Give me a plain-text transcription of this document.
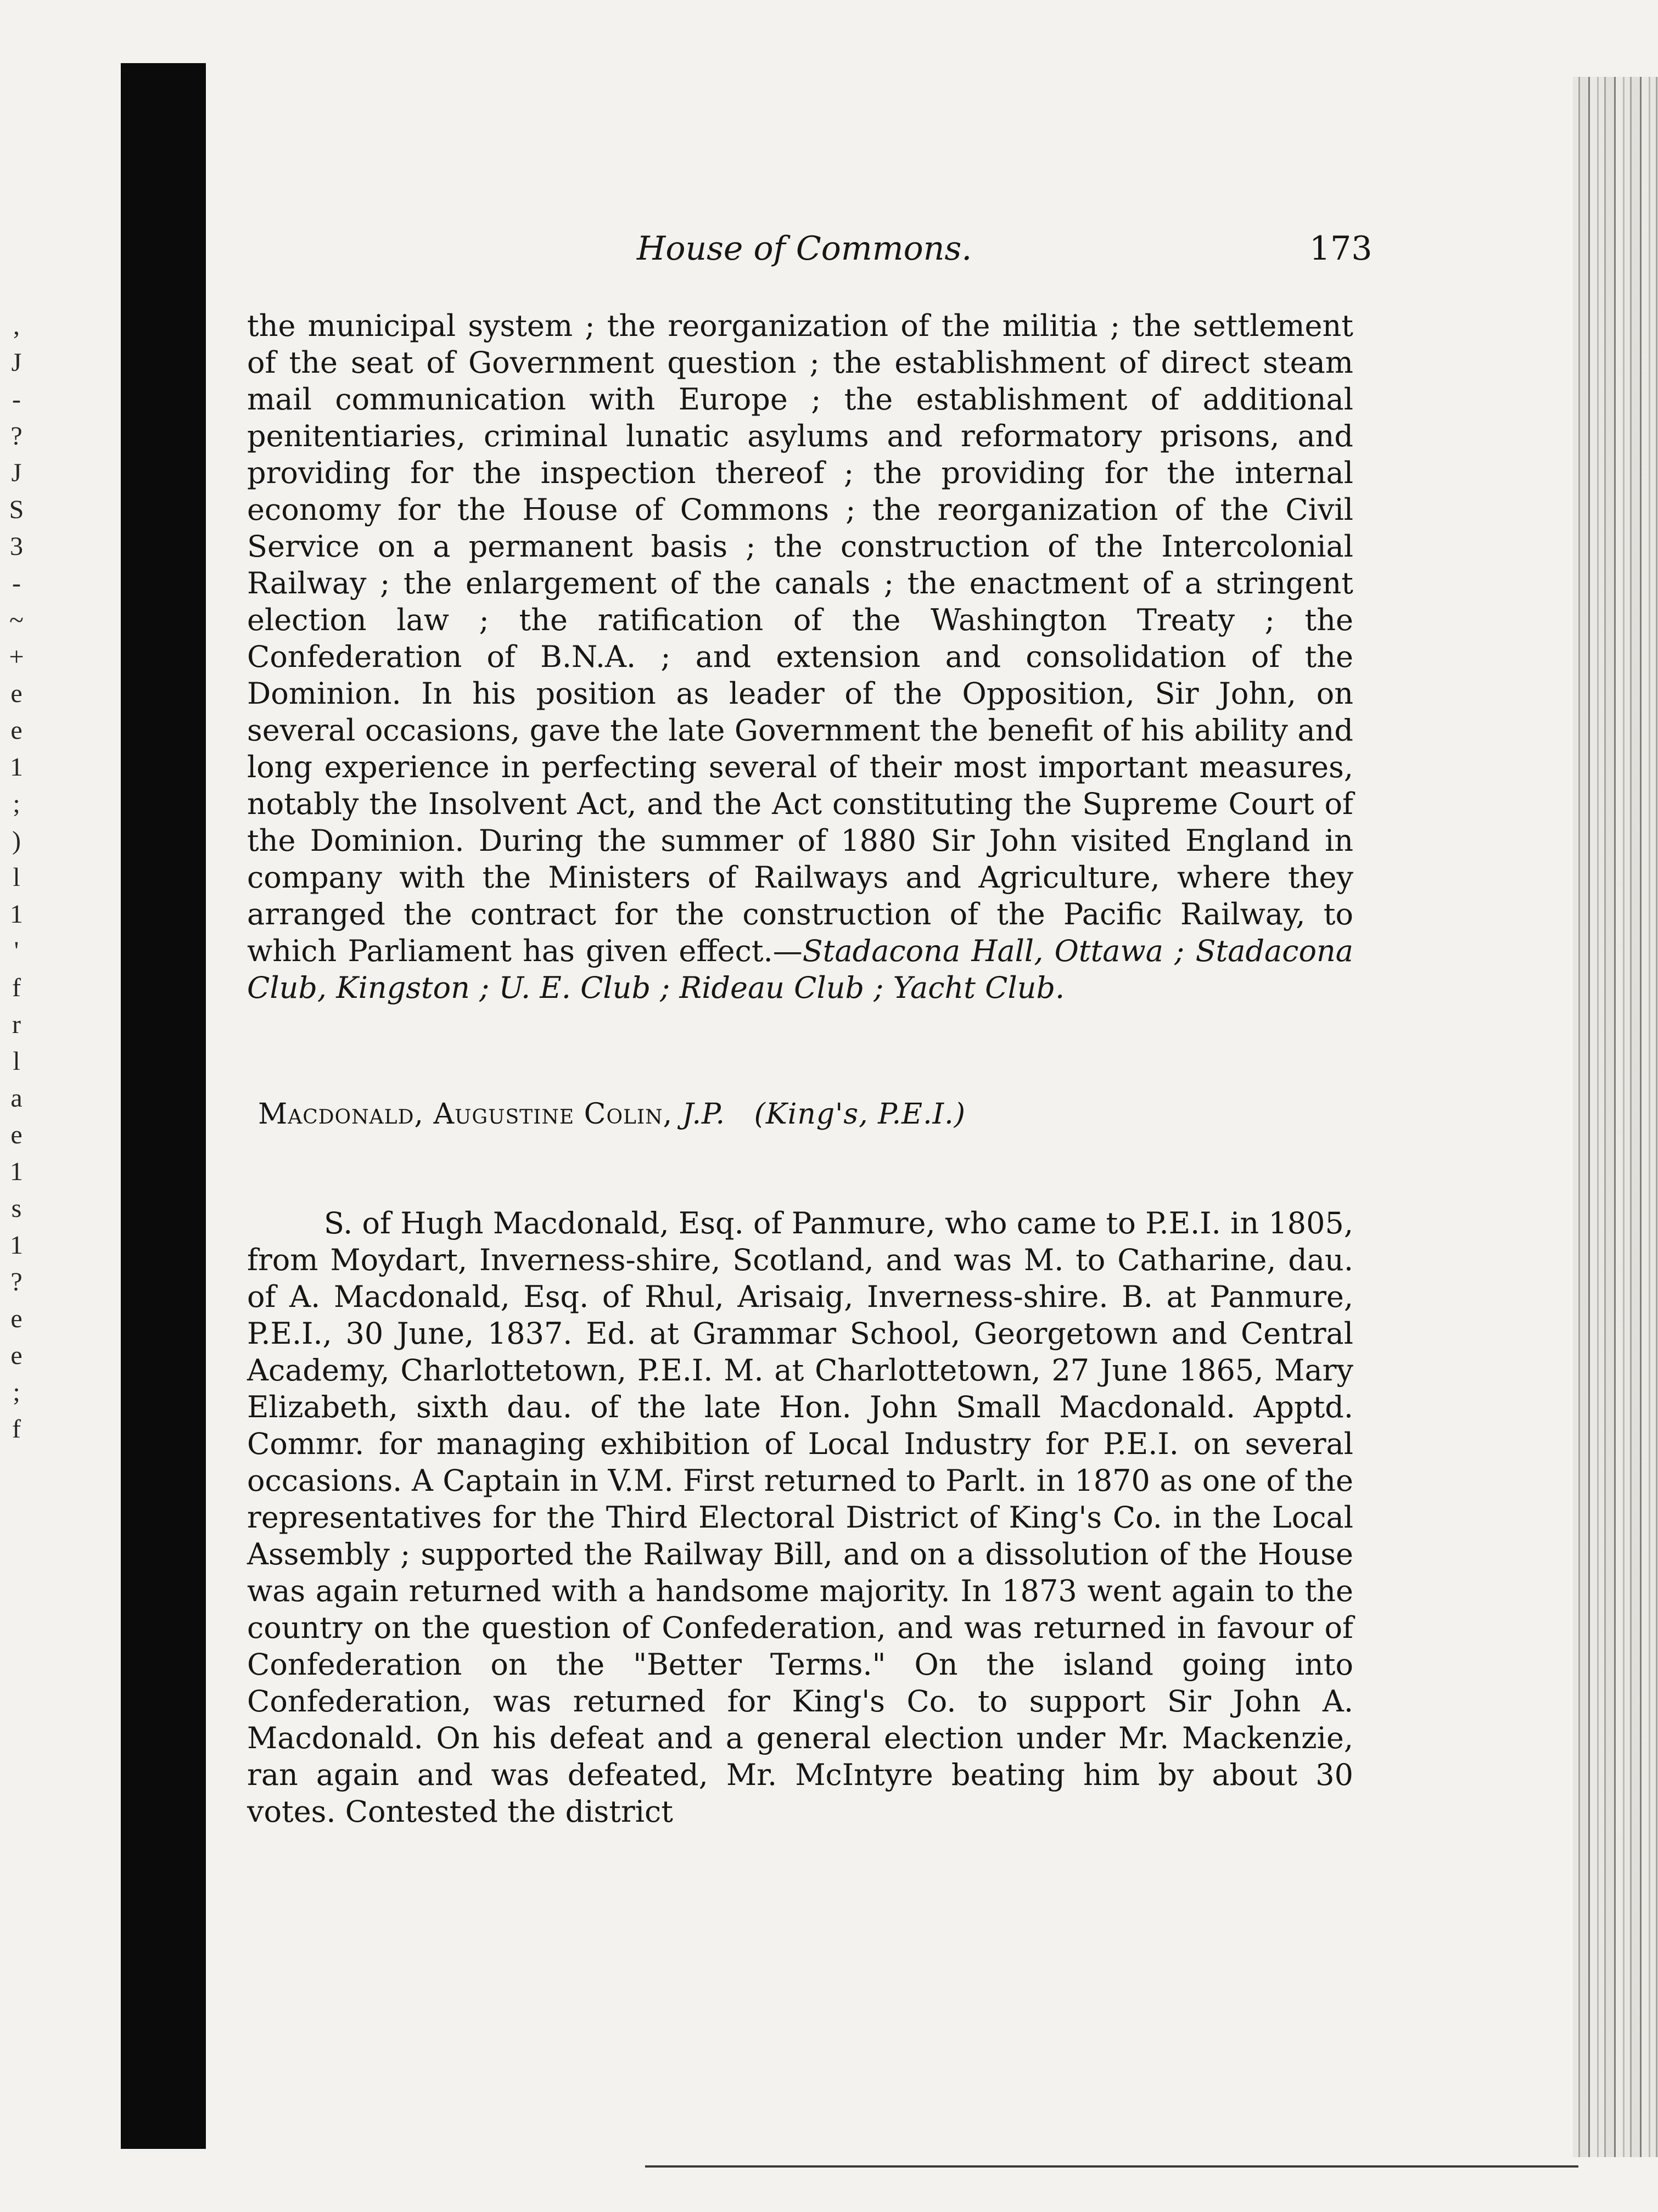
,
J
-
?
J
S
3
-
~
+
e
e
1
;
)
l
1
'
f
r
l
a
e
1
s
1
?
e
e
;
f
House of Commons.	173

the municipal system ; the reorganization of the militia ; the settlement of the seat of Government question ; the establishment of direct steam mail communication with Europe ; the establishment of additional penitentiaries, criminal lunatic asylums and reformatory prisons, and providing for the inspection thereof ; the providing for the internal economy for the House of Commons ; the reorganization of the Civil Service on a permanent basis ; the construction of the Intercolonial Railway ; the enlargement of the canals ; the enactment of a stringent election law ; the ratification of the Washington Treaty ; the Confederation of B.N.A. ; and extension and consolidation of the Dominion. In his position as leader of the Opposition, Sir John, on several occasions, gave the late Government the benefit of his ability and long experience in perfecting several of their most important measures, notably the Insolvent Act, and the Act constituting the Supreme Court of the Dominion. During the summer of 1880 Sir John visited England in company with the Ministers of Railways and Agriculture, where they arranged the contract for the construction of the Pacific Railway, to which Parliament has given effect.—Stadacona Hall, Ottawa ; Stadacona Club, Kingston ; U. E. Club ; Rideau Club ; Yacht Club.

Macdonald, Augustine Colin, J.P. (King's, P.E.I.)

S. of Hugh Macdonald, Esq. of Panmure, who came to P.E.I. in 1805, from Moydart, Inverness-shire, Scotland, and was M. to Catharine, dau. of A. Macdonald, Esq. of Rhul, Arisaig, Inverness-shire. B. at Panmure, P.E.I., 30 June, 1837. Ed. at Grammar School, Georgetown and Central Academy, Charlottetown, P.E.I. M. at Charlottetown, 27 June 1865, Mary Elizabeth, sixth dau. of the late Hon. John Small Macdonald. Apptd. Commr. for managing exhibition of Local Industry for P.E.I. on several occasions. A Captain in V.M. First returned to Parlt. in 1870 as one of the representatives for the Third Electoral District of King's Co. in the Local Assembly ; supported the Railway Bill, and on a dissolution of the House was again returned with a handsome majority. In 1873 went again to the country on the question of Confederation, and was returned in favour of Confederation on the "Better Terms." On the island going into Confederation, was returned for King's Co. to support Sir John A. Macdonald. On his defeat and a general election under Mr. Mackenzie, ran again and was defeated, Mr. McIntyre beating him by about 30 votes. Contested the district
